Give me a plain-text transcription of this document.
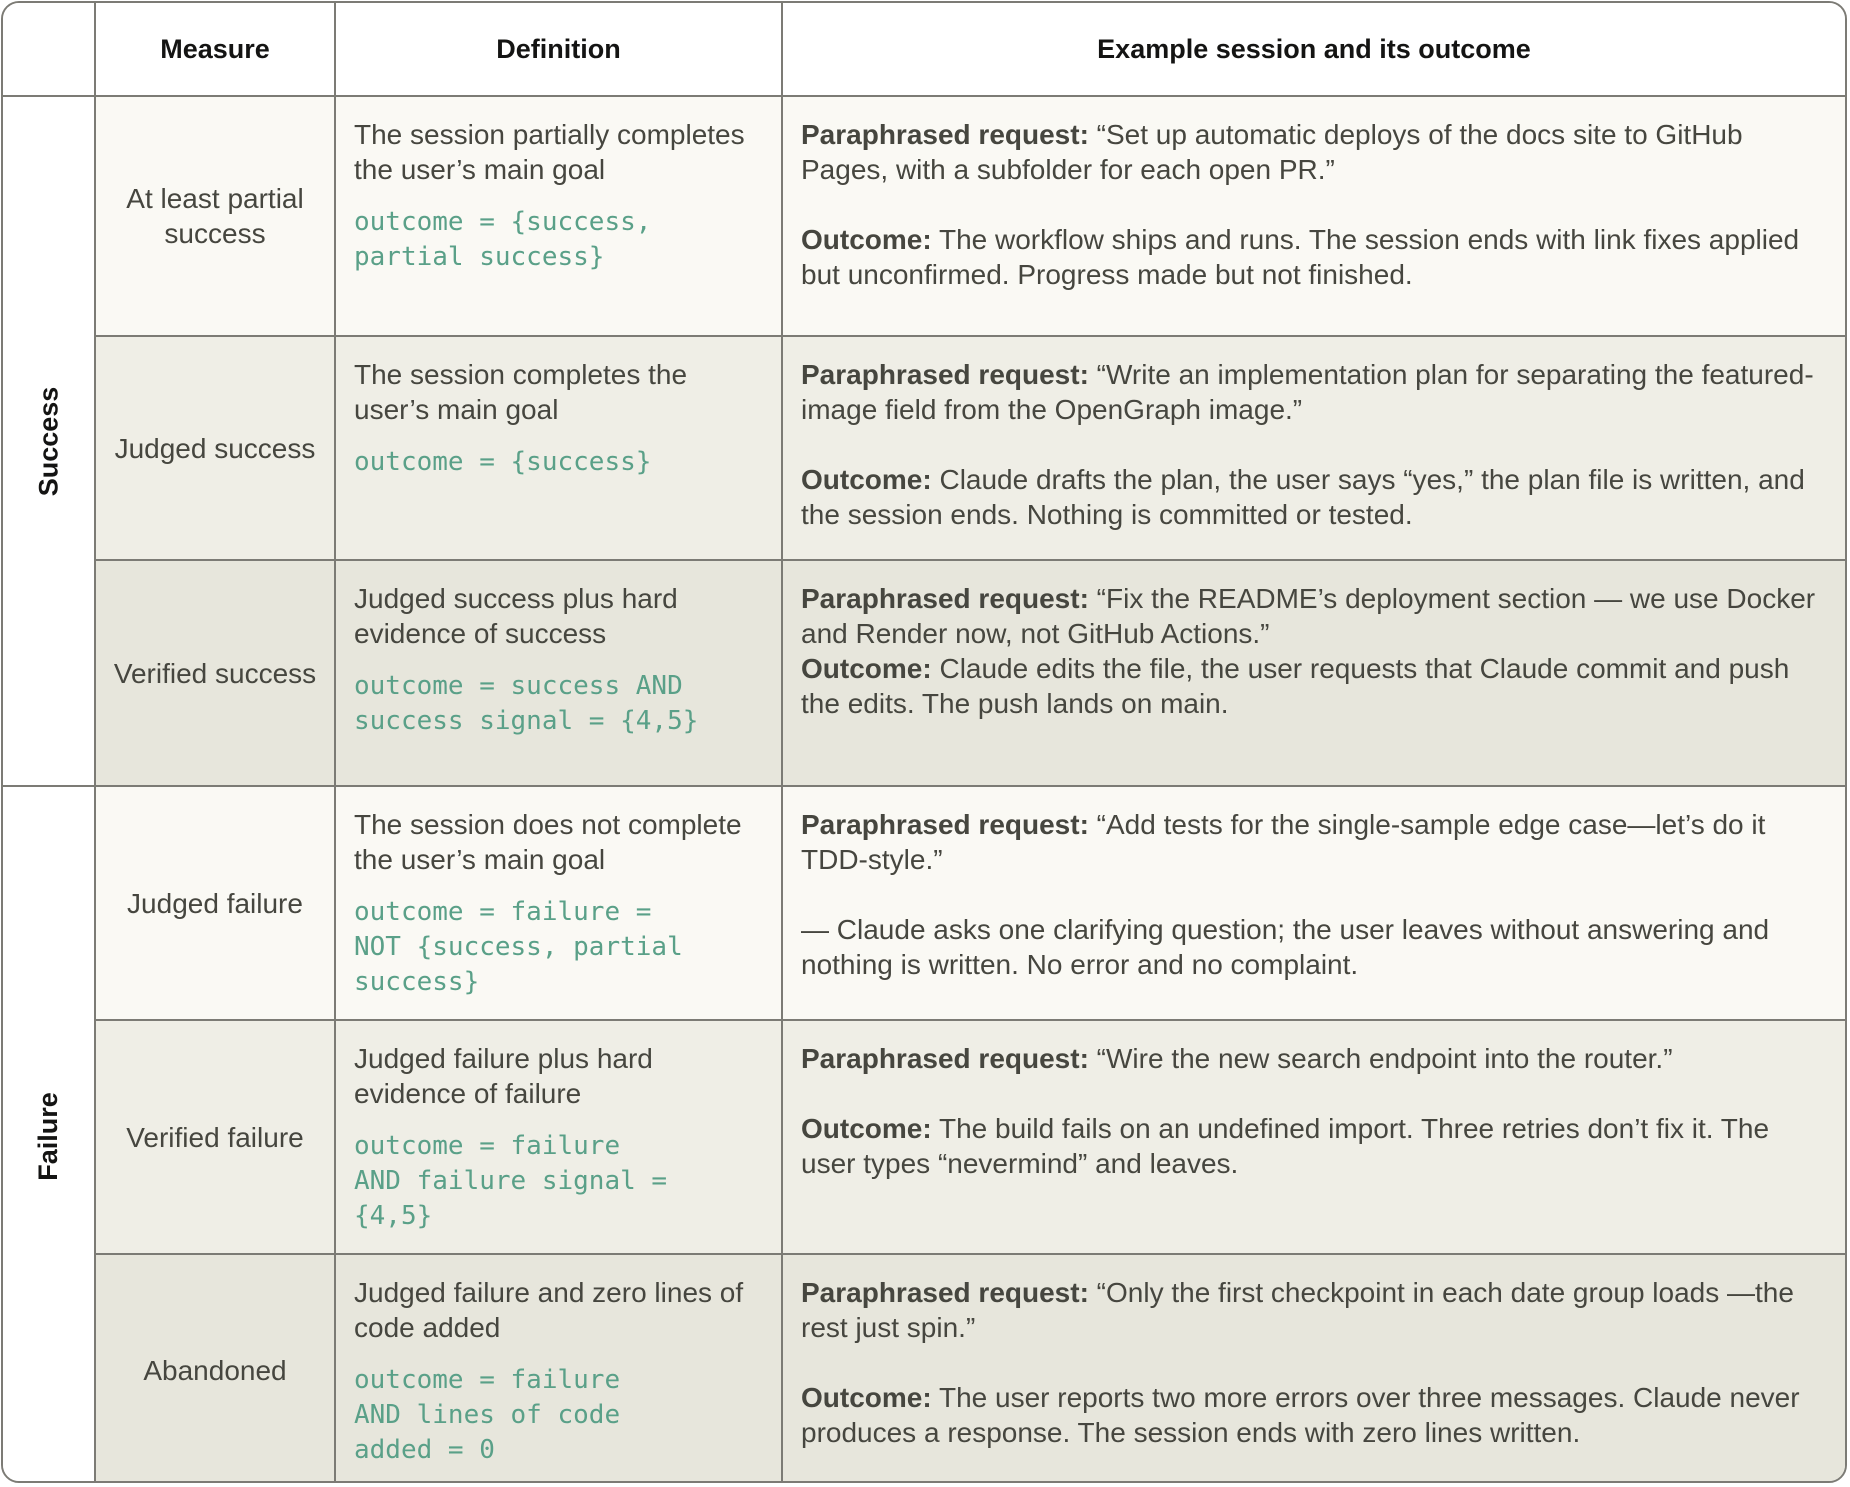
Measure	Definition	Example session and its outcome
Success
Failure
At least partial success
The session partially completes the user’s main goal
outcome = {success,
partial success}

Paraphrased request: “Set up automatic deploys of the docs site to GitHub Pages, with a subfolder for each open PR.”

Outcome: The workflow ships and runs. The session ends with link fixes applied but unconfirmed. Progress made but not finished.

Judged success
The session completes the user’s main goal
outcome = {success}

Paraphrased request: “Write an implementation plan for separating the featured-image field from the OpenGraph image.”

Outcome: Claude drafts the plan, the user says “yes,” the plan file is written, and the session ends. Nothing is committed or tested.

Verified success
Judged success plus hard evidence of success
outcome = success AND
success signal = {4,5}

Paraphrased request: “Fix the README’s deployment section — we use Docker and Render now, not GitHub Actions.”

Outcome: Claude edits the file, the user requests that Claude commit and push the edits. The push lands on main.

Judged failure
The session does not complete the user’s main goal
outcome = failure =
NOT {success, partial
success}

Paraphrased request: “Add tests for the single-sample edge case—let’s do it TDD-style.”

— Claude asks one clarifying question; the user leaves without answering and nothing is written. No error and no complaint.

Verified failure
Judged failure plus hard evidence of failure
outcome = failure
AND failure signal =
{4,5}

Paraphrased request: “Wire the new search endpoint into the router.”

Outcome: The build fails on an undefined import. Three retries don’t fix it. The user types “nevermind” and leaves.

Abandoned
Judged failure and zero lines of code added
outcome = failure
AND lines of code
added = 0

Paraphrased request: “Only the first checkpoint in each date group loads —the rest just spin.”

Outcome: The user reports two more errors over three messages. Claude never produces a response. The session ends with zero lines written.
